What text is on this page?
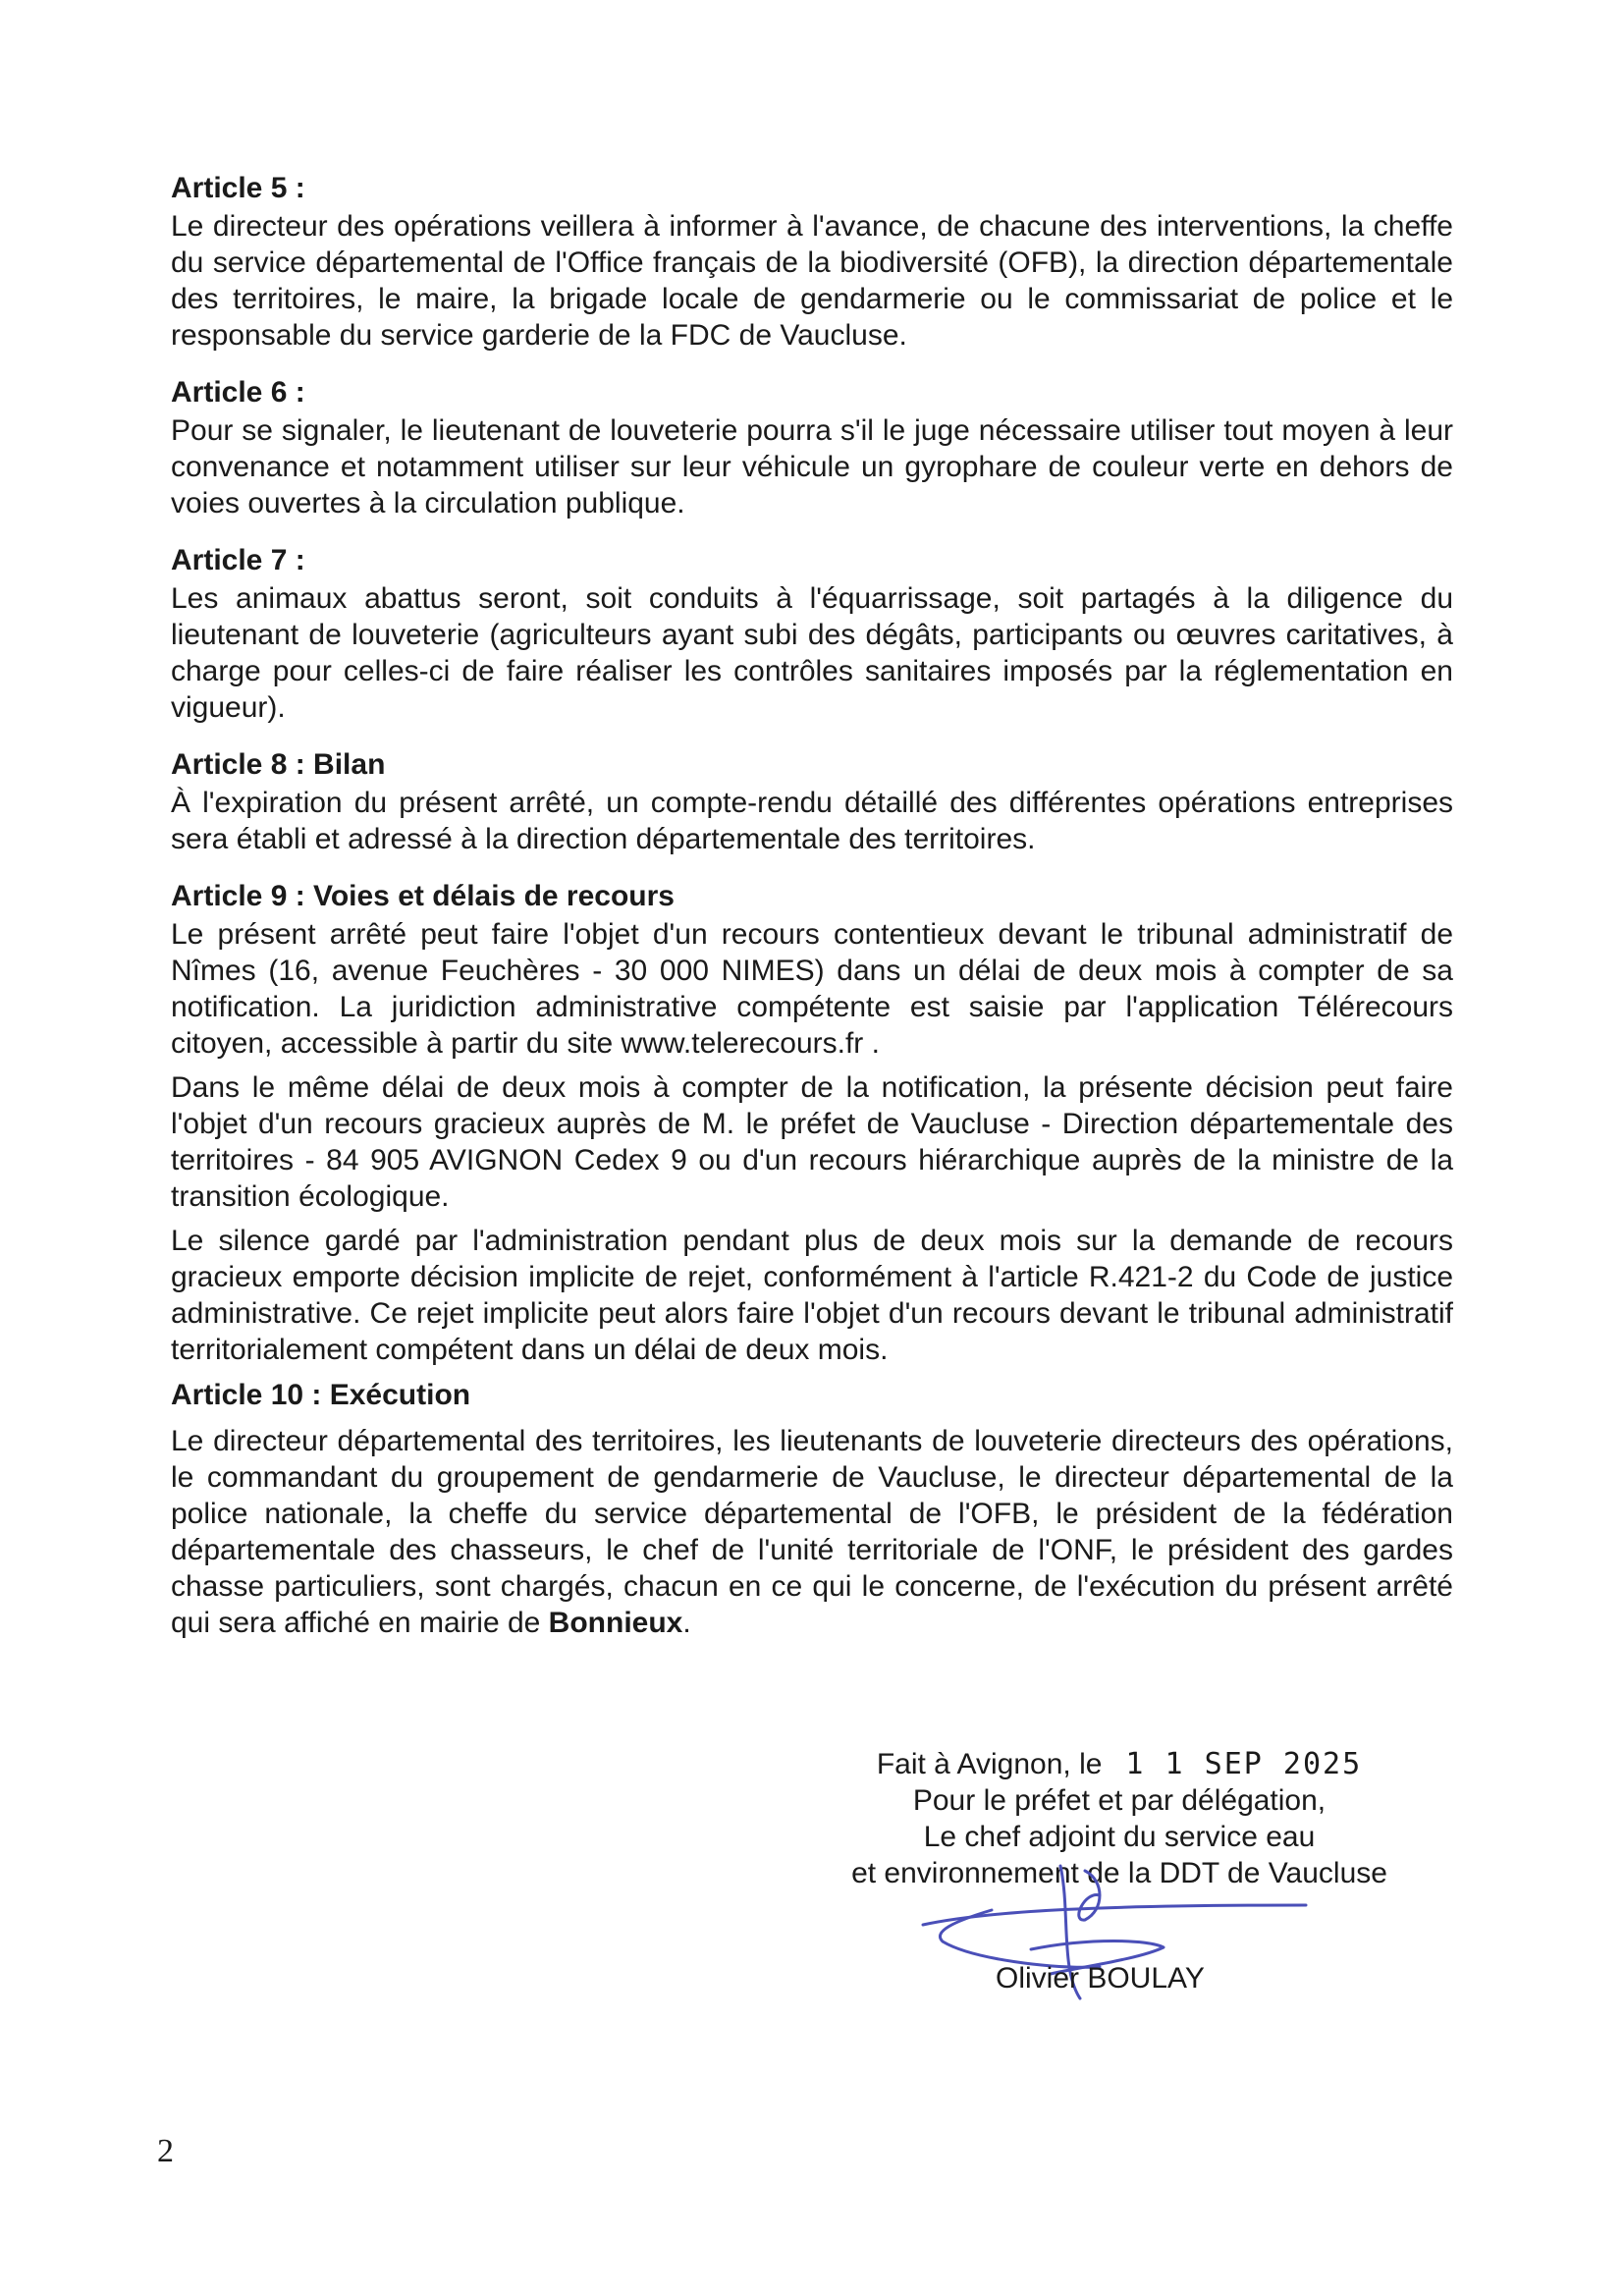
Article 5 :

Le directeur des opérations veillera à informer à l'avance, de chacune des interventions, la cheffe du service départemental de l'Office français de la biodiversité (OFB), la direction départementale des territoires, le maire, la brigade locale de gendarmerie ou le commissariat de police et le responsable du service garderie de la FDC de Vaucluse.

Article 6 :

Pour se signaler, le lieutenant de louveterie pourra s'il le juge nécessaire utiliser tout moyen à leur convenance et notamment utiliser sur leur véhicule un gyrophare de couleur verte en dehors de voies ouvertes à la circulation publique.

Article 7 :

Les animaux abattus seront, soit conduits à l'équarrissage, soit partagés à la diligence du lieutenant de louveterie (agriculteurs ayant subi des dégâts, participants ou œuvres caritatives, à charge pour celles-ci de faire réaliser les contrôles sanitaires imposés par la réglementation en vigueur).

Article 8 : Bilan

À l'expiration du présent arrêté, un compte-rendu détaillé des différentes opérations entreprises sera établi et adressé à la direction départementale des territoires.

Article 9 : Voies et délais de recours

Le présent arrêté peut faire l'objet d'un recours contentieux devant le tribunal administratif de Nîmes (16, avenue Feuchères - 30 000 NIMES) dans un délai de deux mois à compter de sa notification. La juridiction administrative compétente est saisie par l'application Télérecours citoyen, accessible à partir du site www.telerecours.fr .

Dans le même délai de deux mois à compter de la notification, la présente décision peut faire l'objet d'un recours gracieux auprès de M. le préfet de Vaucluse - Direction départementale des territoires - 84 905 AVIGNON Cedex 9 ou d'un recours hiérarchique auprès de la ministre de la transition écologique.

Le silence gardé par l'administration pendant plus de deux mois sur la demande de recours gracieux emporte décision implicite de rejet, conformément à l'article R.421-2 du Code de justice administrative. Ce rejet implicite peut alors faire l'objet d'un recours devant le tribunal administratif territorialement compétent dans un délai de deux mois.

Article 10 : Exécution

Le directeur départemental des territoires, les lieutenants de louveterie directeurs des opérations, le commandant du groupement de gendarmerie de Vaucluse, le directeur départemental de la police nationale, la cheffe du service départemental de l'OFB, le président de la fédération départementale des chasseurs, le chef de l'unité territoriale de l'ONF, le président des gardes chasse particuliers, sont chargés, chacun en ce qui le concerne, de l'exécution du présent arrêté qui sera affiché en mairie de Bonnieux.

Fait à Avignon, le 1 1 SEP 2025
Pour le préfet et par délégation,
Le chef adjoint du service eau
et environnement de la DDT de Vaucluse
Olivier BOULAY
2
